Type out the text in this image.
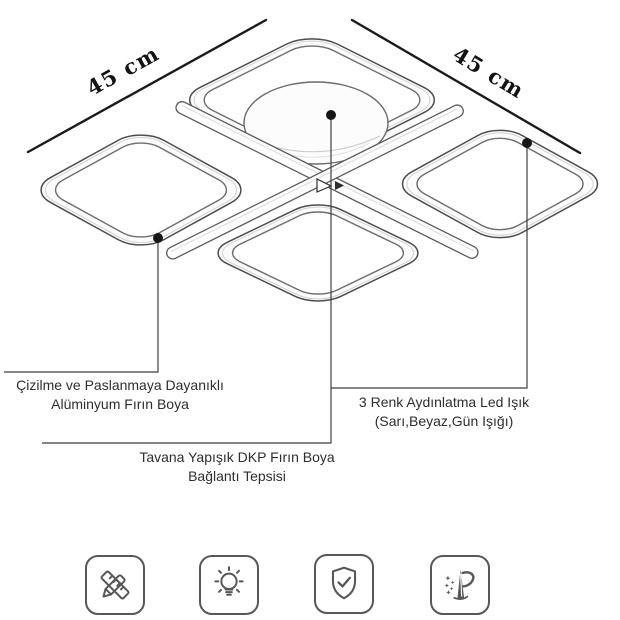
45 cm	45 cm
Çizilme ve Paslanmaya Dayanıklı
Alüminyum Fırın Boya
Tavana Yapışık DKP Fırın Boya
Bağlantı Tepsisi
3 Renk Aydınlatma Led Işık
(Sarı,Beyaz,Gün Işığı)
